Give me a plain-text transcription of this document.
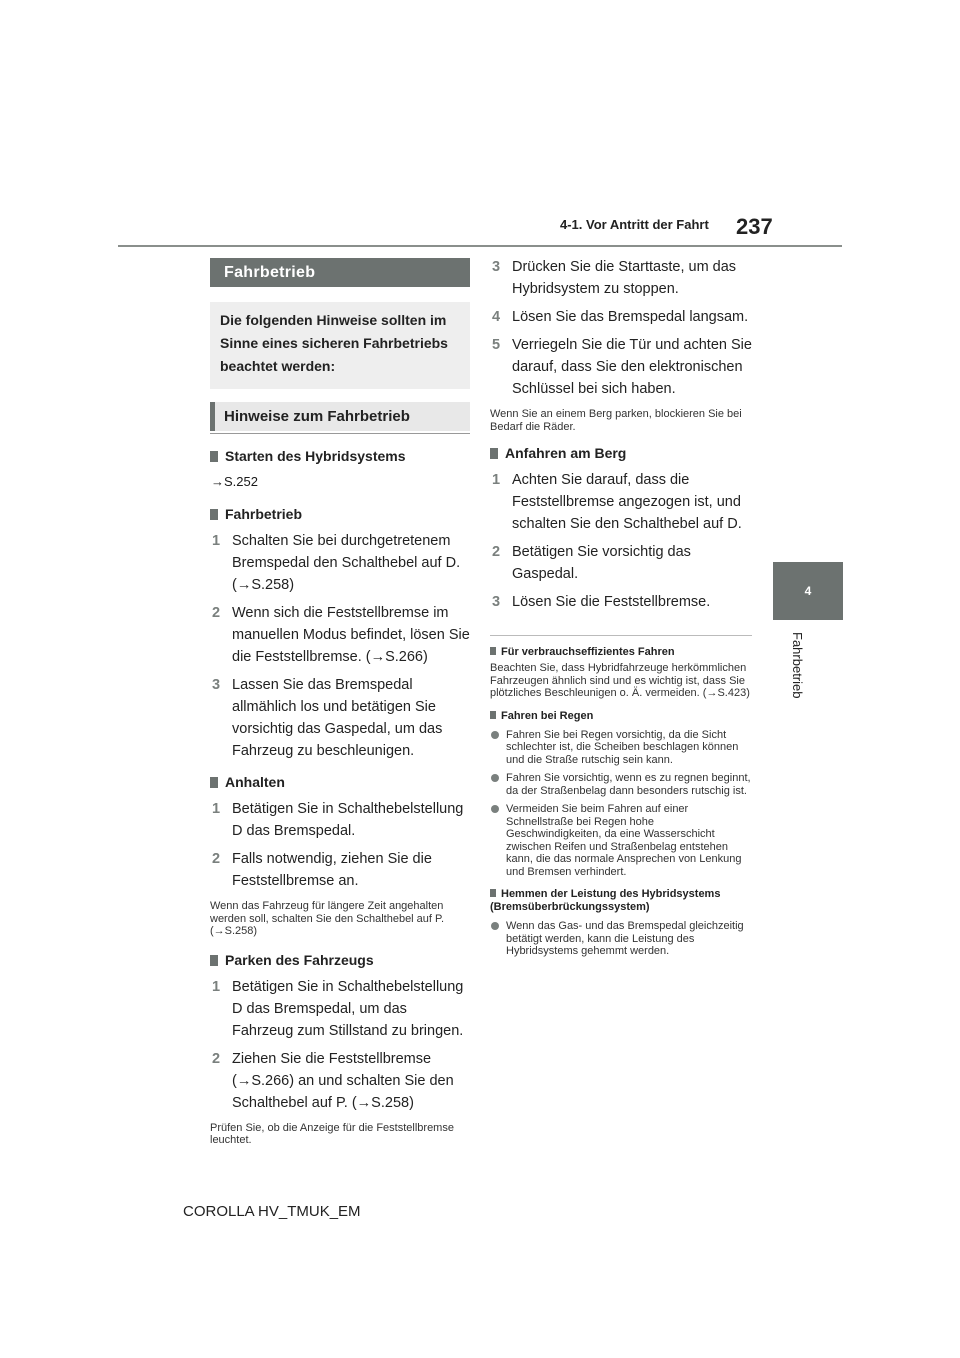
4-1. Vor Antritt der Fahrt 237
4
Fahrbetrieb
Fahrbetrieb
Die folgenden Hinweise sollten im Sinne eines sicheren Fahrbetriebs beachtet werden:
Hinweise zum Fahrbetrieb
Starten des Hybridsystems
→S.252
Fahrbetrieb
1 Schalten Sie bei durchgetretenem Bremspedal den Schalthebel auf D. (→S.258)
2 Wenn sich die Feststellbremse im manuellen Modus befindet, lösen Sie die Feststellbremse. (→S.266)
3 Lassen Sie das Bremspedal allmählich los und betätigen Sie vorsichtig das Gaspedal, um das Fahrzeug zu beschleunigen.
Anhalten
1 Betätigen Sie in Schalthebelstellung D das Bremspedal.
2 Falls notwendig, ziehen Sie die Feststellbremse an.
Wenn das Fahrzeug für längere Zeit angehalten werden soll, schalten Sie den Schalthebel auf P. (→S.258)
Parken des Fahrzeugs
1 Betätigen Sie in Schalthebelstellung D das Bremspedal, um das Fahrzeug zum Stillstand zu bringen.
2 Ziehen Sie die Feststellbremse (→S.266) an und schalten Sie den Schalthebel auf P. (→S.258)
Prüfen Sie, ob die Anzeige für die Feststellbremse leuchtet.
3 Drücken Sie die Starttaste, um das Hybridsystem zu stoppen.
4 Lösen Sie das Bremspedal langsam.
5 Verriegeln Sie die Tür und achten Sie darauf, dass Sie den elektronischen Schlüssel bei sich haben.
Wenn Sie an einem Berg parken, blockieren Sie bei Bedarf die Räder.
Anfahren am Berg
1 Achten Sie darauf, dass die Feststellbremse angezogen ist, und schalten Sie den Schalthebel auf D.
2 Betätigen Sie vorsichtig das Gaspedal.
3 Lösen Sie die Feststellbremse.
Für verbrauchseffizientes Fahren
Beachten Sie, dass Hybridfahrzeuge herkömmlichen Fahrzeugen ähnlich sind und es wichtig ist, dass Sie plötzliches Beschleunigen o. Ä. vermeiden. (→S.423)
Fahren bei Regen
Fahren Sie bei Regen vorsichtig, da die Sicht schlechter ist, die Scheiben beschlagen können und die Straße rutschig sein kann.
Fahren Sie vorsichtig, wenn es zu regnen beginnt, da der Straßenbelag dann besonders rutschig ist.
Vermeiden Sie beim Fahren auf einer Schnellstraße bei Regen hohe Geschwindigkeiten, da eine Wasserschicht zwischen Reifen und Straßenbelag entstehen kann, die das normale Ansprechen von Lenkung und Bremsen verhindert.
Hemmen der Leistung des Hybridsystems (Bremsüberbrückungssystem)
Wenn das Gas- und das Bremspedal gleichzeitig betätigt werden, kann die Leistung des Hybridsystems gehemmt werden.
COROLLA HV_TMUK_EM
